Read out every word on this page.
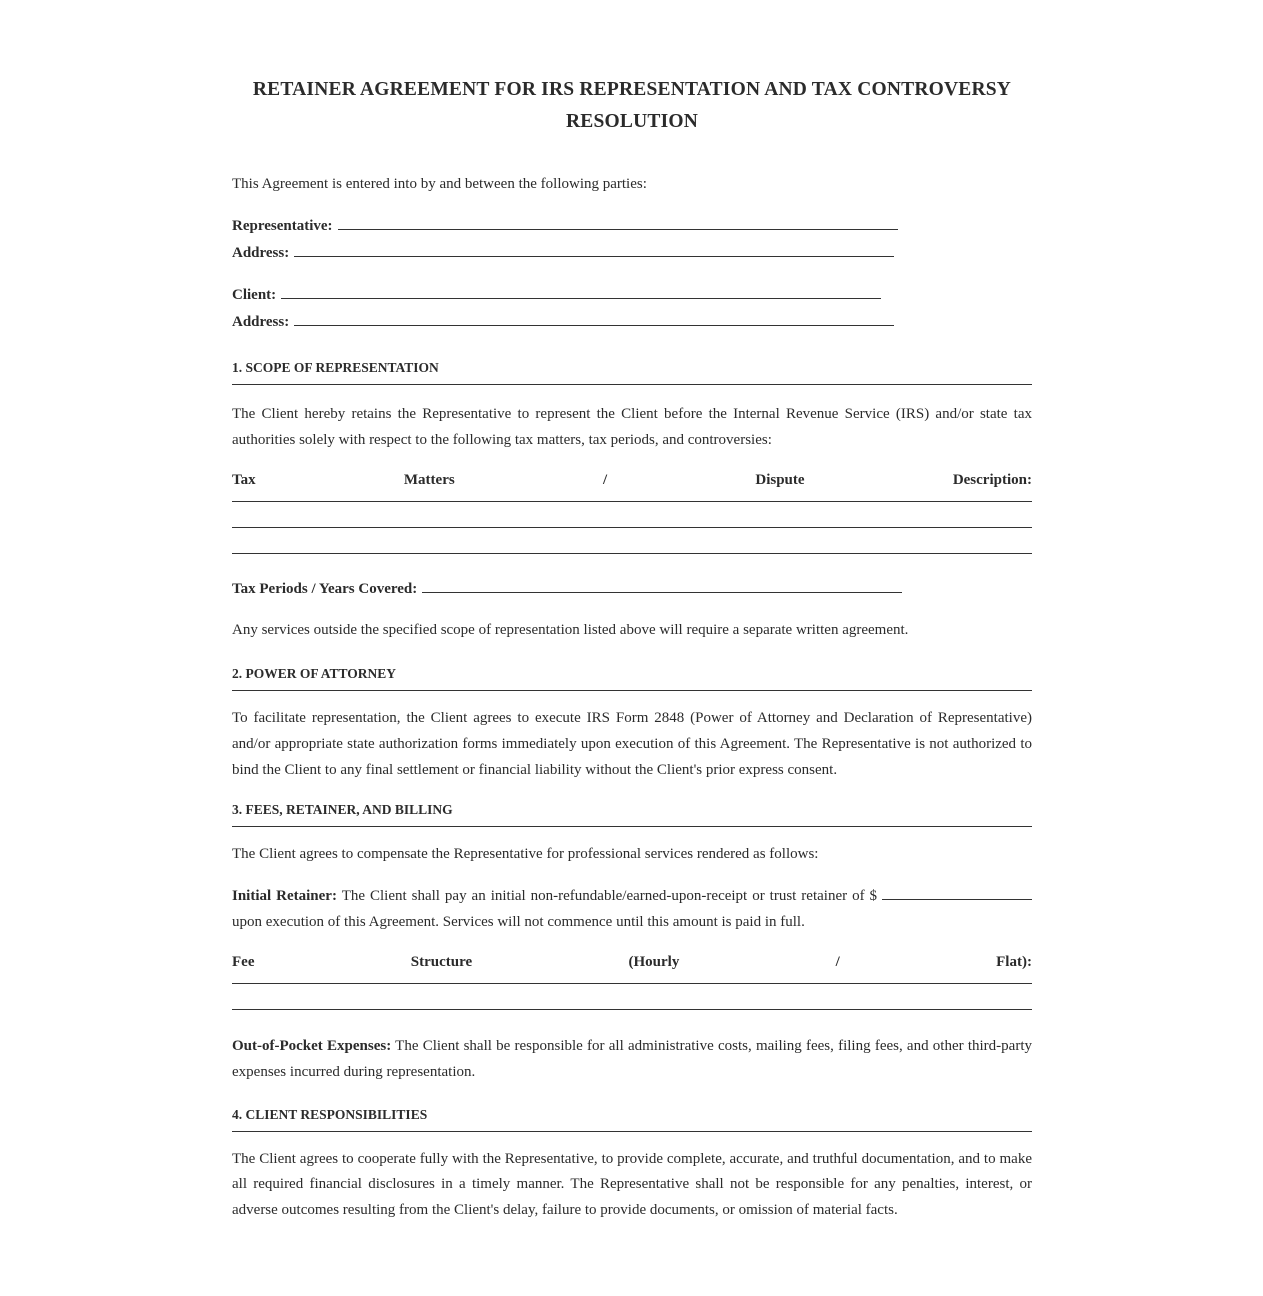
RETAINER AGREEMENT FOR IRS REPRESENTATION AND TAX CONTROVERSY RESOLUTION
This Agreement is entered into by and between the following parties:
Representative:
Address:
Client:
Address:
1. SCOPE OF REPRESENTATION
The Client hereby retains the Representative to represent the Client before the Internal Revenue Service (IRS) and/or state tax authorities solely with respect to the following tax matters, tax periods, and controversies:
Tax	Matters	/	Dispute	Description:
Tax Periods / Years Covered:
Any services outside the specified scope of representation listed above will require a separate written agreement.
2. POWER OF ATTORNEY
To facilitate representation, the Client agrees to execute IRS Form 2848 (Power of Attorney and Declaration of Representative) and/or appropriate state authorization forms immediately upon execution of this Agreement. The Representative is not authorized to bind the Client to any final settlement or financial liability without the Client's prior express consent.
3. FEES, RETAINER, AND BILLING
The Client agrees to compensate the Representative for professional services rendered as follows:
Initial Retainer: The Client shall pay an initial non-refundable/earned-upon-receipt or trust retainer of $  upon execution of this Agreement. Services will not commence until this amount is paid in full.
Fee	Structure	(Hourly	/	Flat):
Out-of-Pocket Expenses: The Client shall be responsible for all administrative costs, mailing fees, filing fees, and other third-party expenses incurred during representation.
4. CLIENT RESPONSIBILITIES
The Client agrees to cooperate fully with the Representative, to provide complete, accurate, and truthful documentation, and to make all required financial disclosures in a timely manner. The Representative shall not be responsible for any penalties, interest, or adverse outcomes resulting from the Client's delay, failure to provide documents, or omission of material facts.
